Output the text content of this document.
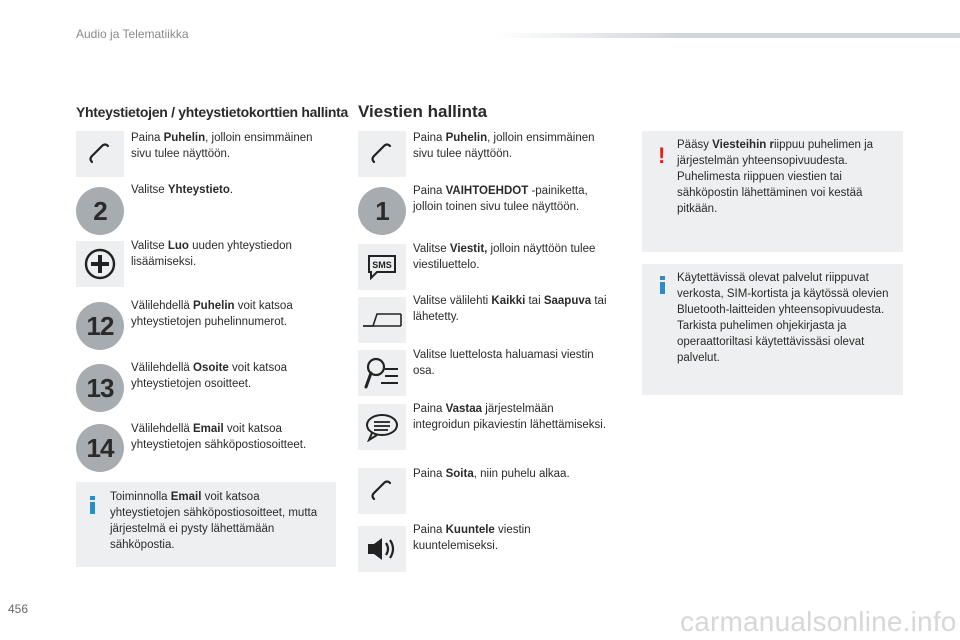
Audio ja Telematiikka
Yhteystietojen / yhteystietokorttien hallinta Viestien hallinta
Paina Puhelin, jolloin ensimmäinen sivu tulee näyttöön.
2
Valitse Yhteystieto.
Valitse Luo uuden yhteystiedon lisäämiseksi.
12
Välilehdellä Puhelin voit katsoa yhteystietojen puhelinnumerot.
13
Välilehdellä Osoite voit katsoa yhteystietojen osoitteet.
14
Välilehdellä Email voit katsoa yhteystietojen sähköpostiosoitteet.
Toiminnolla Email voit katsoa yhteystietojen sähköpostiosoitteet, mutta järjestelmä ei pysty lähettämään sähköpostia.
Paina Puhelin, jolloin ensimmäinen sivu tulee näyttöön.
1
Paina VAIHTOEHDOT -painiketta, jolloin toinen sivu tulee näyttöön.
SMS
Valitse Viestit, jolloin näyttöön tulee viestiluettelo.
Valitse välilehti Kaikki tai Saapuva tai lähetetty.
Valitse luettelosta haluamasi viestin osa.
Paina Vastaa järjestelmään integroidun pikaviestin lähettämiseksi.
Paina Soita, niin puhelu alkaa.
Paina Kuuntele viestin kuuntelemiseksi.
! Pääsy Viesteihin riippuu puhelimen ja järjestelmän yhteensopivuudesta. Puhelimesta riippuen viestien tai sähköpostin lähettäminen voi kestää pitkään.
Käytettävissä olevat palvelut riippuvat verkosta, SIM-kortista ja käytössä olevien Bluetooth-laitteiden yhteensopivuudesta. Tarkista puhelimen ohjekirjasta ja operaattoriltasi käytettävissäsi olevat palvelut.
456	carmanualsonline.info
